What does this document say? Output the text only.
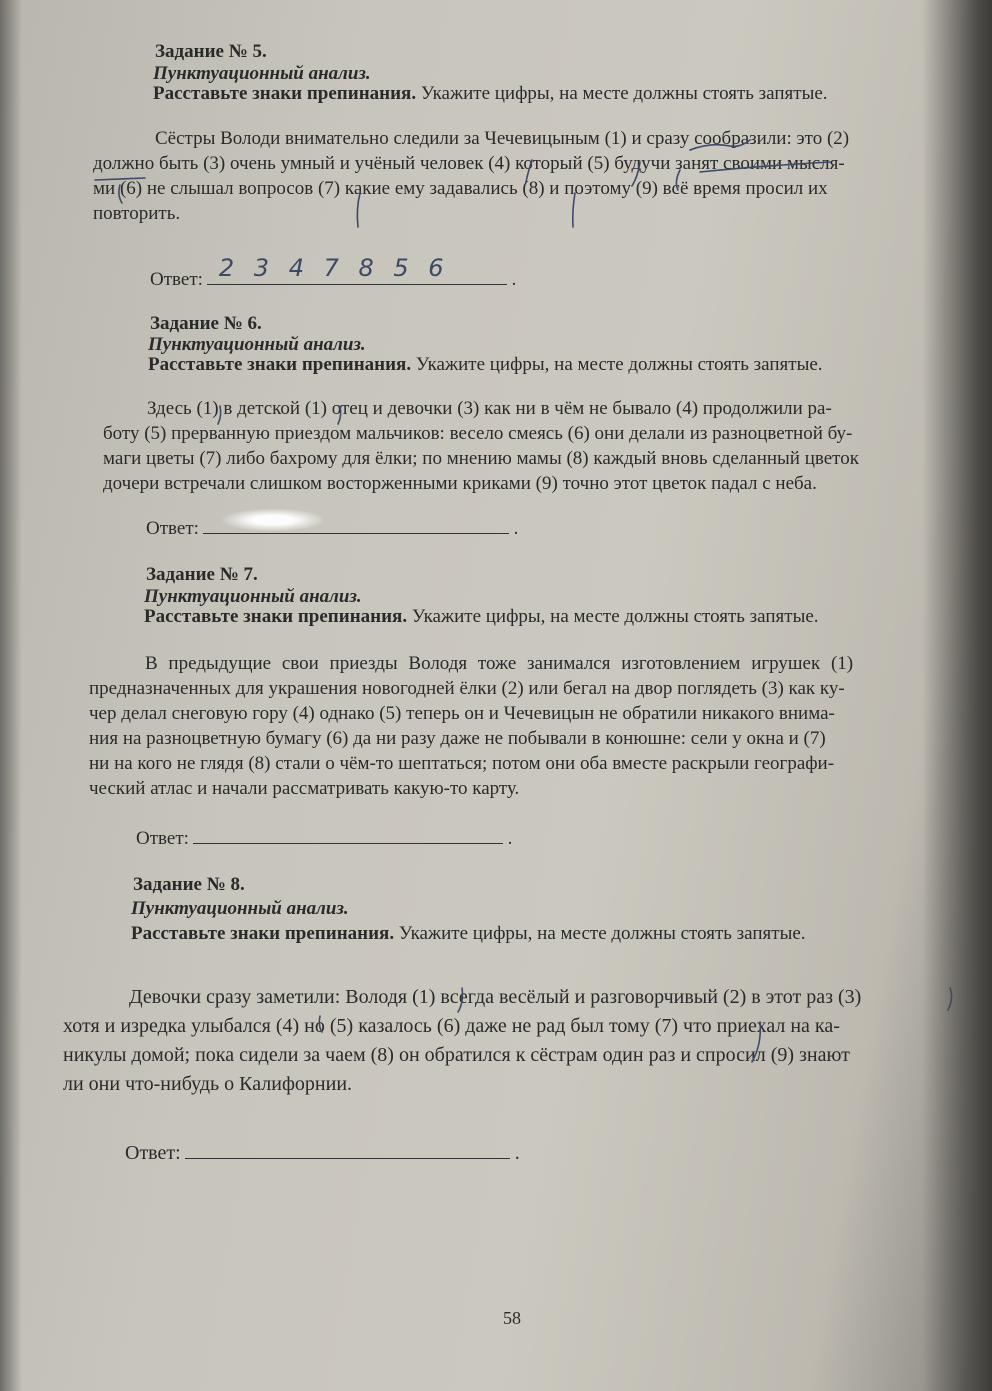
Задание № 5.
Пунктуационный анализ.
Расставьте знаки препинания. Укажите цифры, на месте должны стоять запятые.
Сёстры Володи внимательно следили за Чечевицыным (1) и сразу сообразили: это (2)
должно быть (3) очень умный и учёный человек (4) который (5) будучи занят своими мысля-
ми (6) не слышал вопросов (7) какие ему задавались (8) и поэтому (9) всё время просил их
повторить.
Ответ: 2 3 4 7 8 5 6	.
Задание № 6.
Пунктуационный анализ.
Расставьте знаки препинания. Укажите цифры, на месте должны стоять запятые.
Здесь (1) в детской (1) отец и девочки (3) как ни в чём не бывало (4) продолжили ра-
боту (5) прерванную приездом мальчиков: весело смеясь (6) они делали из разноцветной бу-
маги цветы (7) либо бахрому для ёлки; по мнению мамы (8) каждый вновь сделанный цветок
дочери встречали слишком восторженными криками (9) точно этот цветок падал с неба.
Ответ:	.
Задание № 7.
Пунктуационный анализ.
Расставьте знаки препинания. Укажите цифры, на месте должны стоять запятые.
В предыдущие свои приезды Володя тоже занимался изготовлением игрушек (1)
предназначенных для украшения новогодней ёлки (2) или бегал на двор поглядеть (3) как ку-
чер делал снеговую гору (4) однако (5) теперь он и Чечевицын не обратили никакого внима-
ния на разноцветную бумагу (6) да ни разу даже не побывали в конюшне: сели у окна и (7)
ни на кого не глядя (8) стали о чём-то шептаться; потом они оба вместе раскрыли географи-
ческий атлас и начали рассматривать какую-то карту.
Ответ:	.
Задание № 8.
Пунктуационный анализ.
Расставьте знаки препинания. Укажите цифры, на месте должны стоять запятые.
Девочки сразу заметили: Володя (1) всегда весёлый и разговорчивый (2) в этот раз (3)
хотя и изредка улыбался (4) но (5) казалось (6) даже не рад был тому (7) что приехал на ка-
никулы домой; пока сидели за чаем (8) он обратился к сёстрам один раз и спросил (9) знают
ли они что-нибудь о Калифорнии.
Ответ:	.
58
